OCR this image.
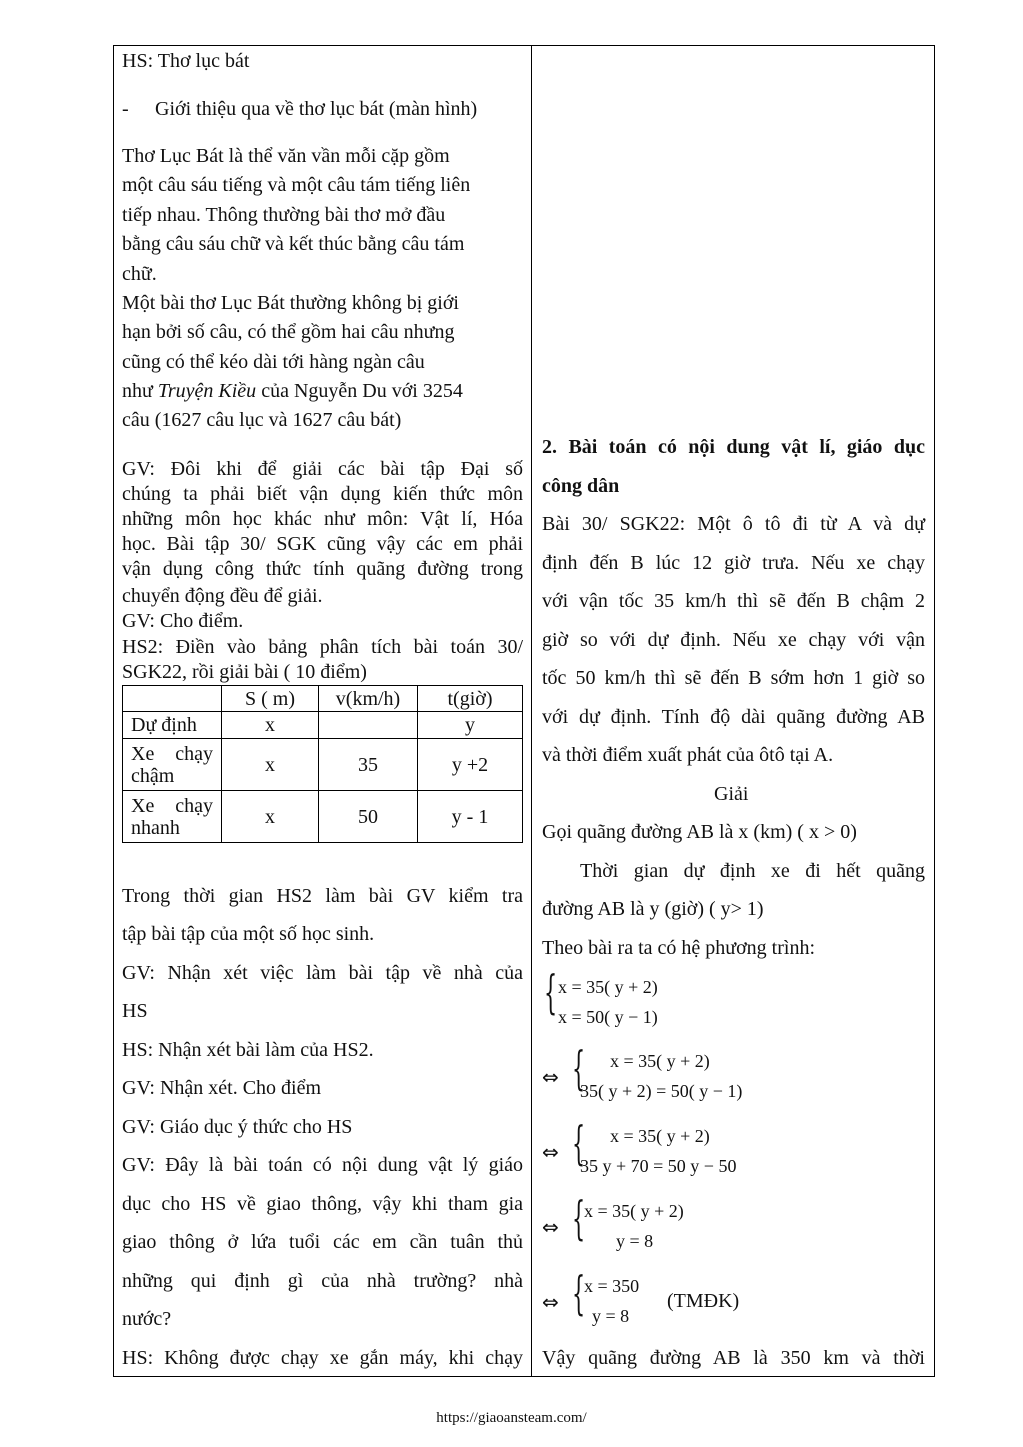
HS: Thơ lục bát
- Giới thiệu qua về thơ lục bát (màn hình)
Thơ Lục Bát là thể văn vần mỗi cặp gồm
một câu sáu tiếng và một câu tám tiếng liên
tiếp nhau. Thông thường bài thơ mở đầu
bằng câu sáu chữ và kết thúc bằng câu tám
chữ.
Một bài thơ Lục Bát thường không bị giới
hạn bởi số câu, có thể gồm hai câu nhưng
cũng có thể kéo dài tới hàng ngàn câu
như Truyện Kiều của Nguyễn Du với 3254
câu (1627 câu lục và 1627 câu bát)
GV: Đôi khi để giải các bài tập Đại số
chúng ta phải biết vận dụng kiến thức môn
những môn học khác như môn: Vật lí, Hóa
học. Bài tập 30/ SGK cũng vậy các em phải
vận dụng công thức tính quãng đường trong
chuyển động đều để giải.
GV: Cho điểm.
HS2: Điền vào bảng phân tích bài toán 30/
SGK22, rồi giải bài ( 10 điểm)
	S ( m)	v(km/h)	t(giờ)
Dự định	x		y
Xe chạy chậm	x	35	y +2
Xe chạy nhanh	x	50	y - 1
Trong thời gian HS2 làm bài GV kiểm tra
tập bài tập của một số học sinh.
GV: Nhận xét việc làm bài tập về nhà của
HS
HS: Nhận xét bài làm của HS2.
GV: Nhận xét. Cho điểm
GV: Giáo dục ý thức cho HS
GV: Đây là bài toán có nội dung vật lý giáo
dục cho HS về giao thông, vậy khi tham gia
giao thông ở lứa tuổi các em cần tuân thủ
những qui định gì của nhà trường? nhà
nước?
HS: Không được chạy xe gắn máy, khi chạy
2. Bài toán có nội dung vật lí, giáo dục
công dân
Bài 30/ SGK22: Một ô tô đi từ A và dự
định đến B lúc 12 giờ trưa. Nếu xe chạy
với vận tốc 35 km/h thì sẽ đến B chậm 2
giờ so với dự định. Nếu xe chạy với vận
tốc 50 km/h thì sẽ đến B sớm hơn 1 giờ so
với dự định. Tính độ dài quãng đường AB
và thời điểm xuất phát của ôtô tại A.
Giải
Gọi quãng đường AB là x (km) ( x > 0)
Thời gian dự định xe đi hết quãng
đường AB là y (giờ) ( y> 1)
Theo bài ra ta có hệ phương trình:
{ x = 35( y + 2)
x = 50( y − 1)
⇔ { x = 35( y + 2)
35( y + 2) = 50( y − 1)
⇔ { x = 35( y + 2)
35 y + 70 = 50 y − 50
⇔ {
x = 35( y + 2)
y = 8
⇔ {
x = 350
y = 8
(TMĐK)
Vậy quãng đường AB là 350 km và thời
https://giaoansteam.com/
